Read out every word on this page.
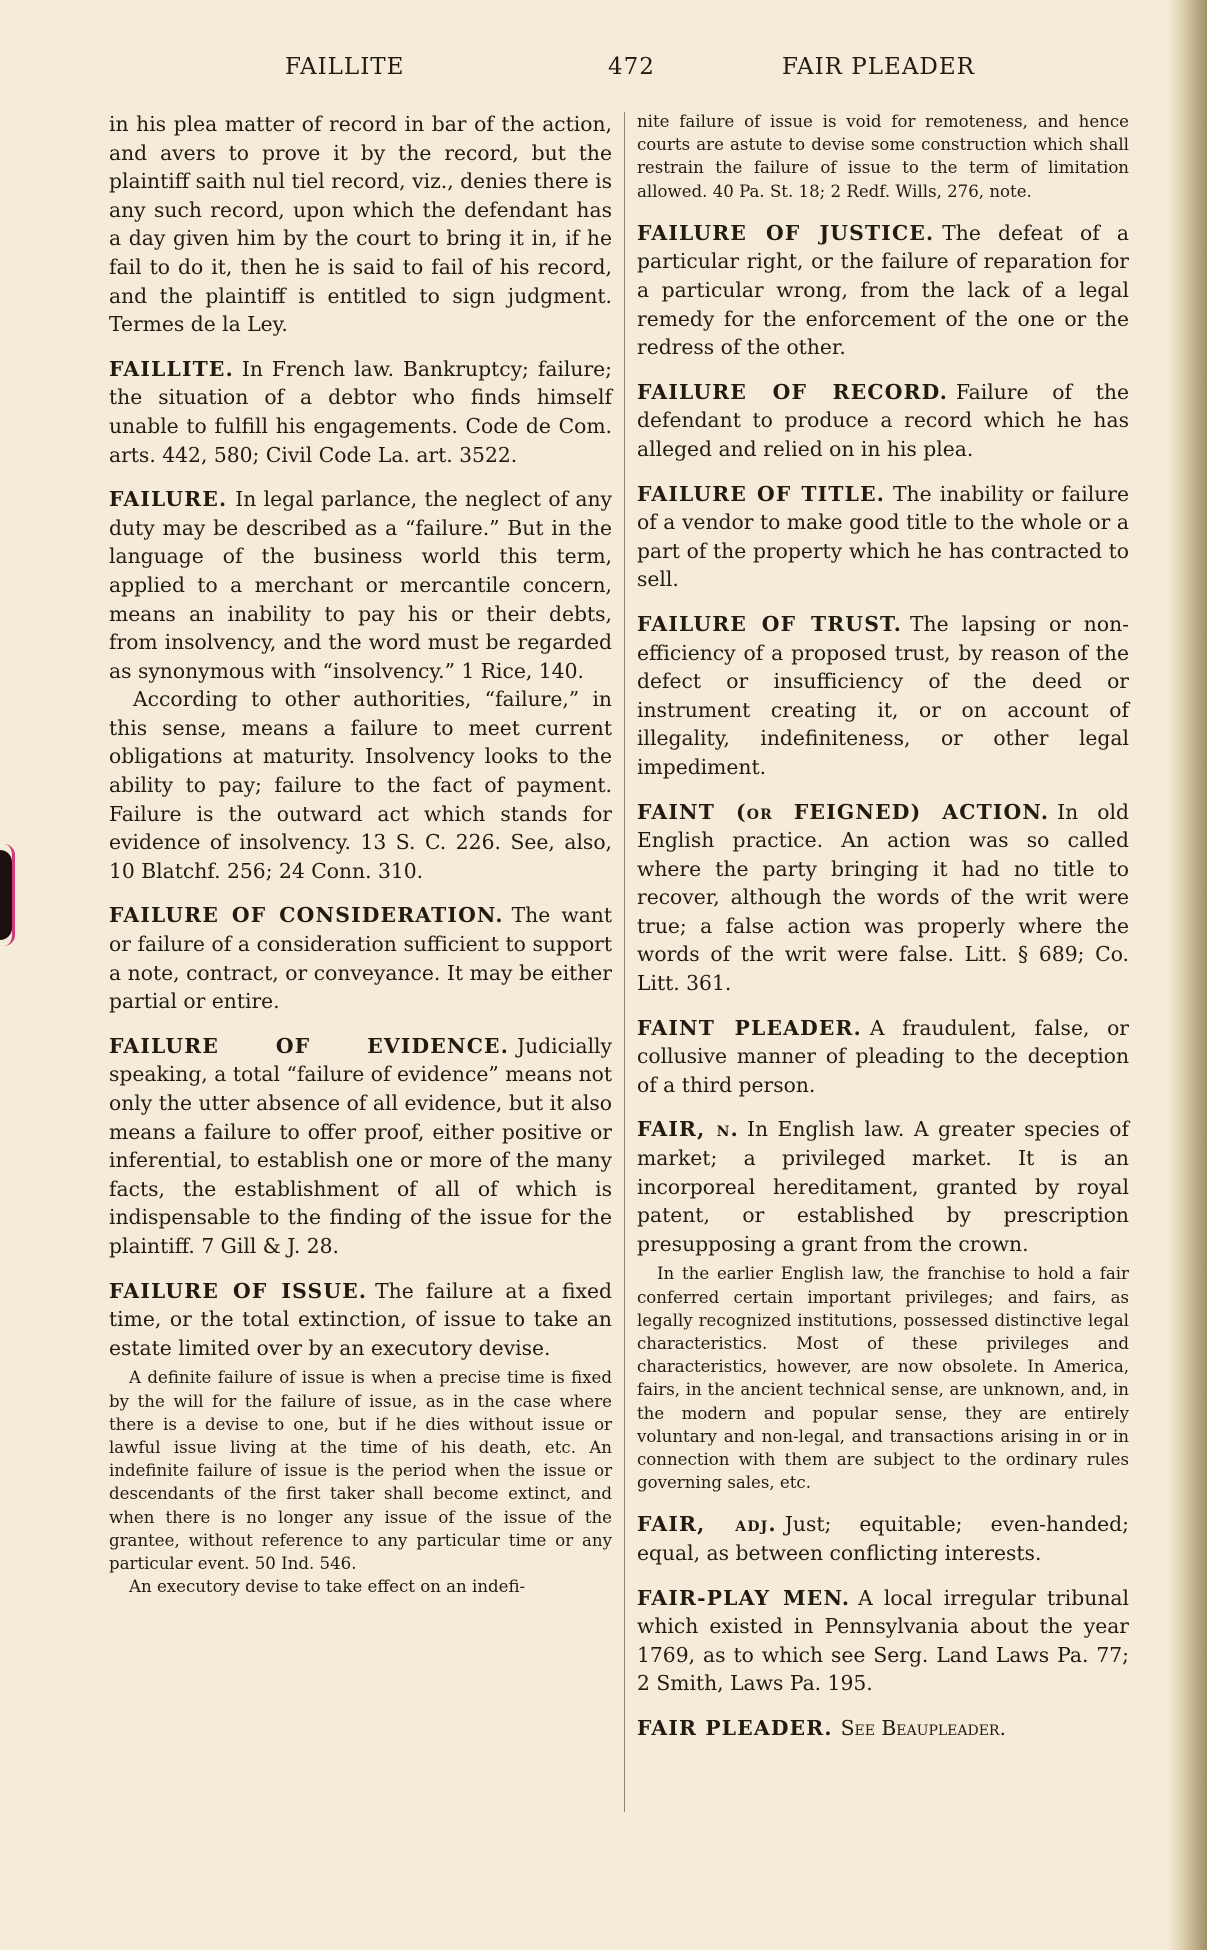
FAILLITE	472	FAIR PLEADER

in his plea matter of record in bar of the action, and avers to prove it by the record, but the plaintiff saith nul tiel record, viz., denies there is any such record, upon which the defendant has a day given him by the court to bring it in, if he fail to do it, then he is said to fail of his record, and the plaintiff is entitled to sign judgment. Termes de la Ley.

FAILLITE. In French law. Bankruptcy; failure; the situation of a debtor who finds himself unable to fulfill his engagements. Code de Com. arts. 442, 580; Civil Code La. art. 3522.

FAILURE. In legal parlance, the neglect of any duty may be described as a “failure.” But in the language of the business world this term, applied to a merchant or mercantile concern, means an inability to pay his or their debts, from insolvency, and the word must be regarded as synonymous with “insolvency.” 1 Rice, 140.

According to other authorities, “failure,” in this sense, means a failure to meet current obligations at maturity. Insolvency looks to the ability to pay; failure to the fact of payment. Failure is the outward act which stands for evidence of insolvency. 13 S. C. 226. See, also, 10 Blatchf. 256; 24 Conn. 310.

FAILURE OF CONSIDERATION. The want or failure of a consideration sufficient to support a note, contract, or conveyance. It may be either partial or entire.

FAILURE OF EVIDENCE. Judicially speaking, a total “failure of evidence” means not only the utter absence of all evidence, but it also means a failure to offer proof, either positive or inferential, to establish one or more of the many facts, the establishment of all of which is indispensable to the finding of the issue for the plaintiff. 7 Gill & J. 28.

FAILURE OF ISSUE. The failure at a fixed time, or the total extinction, of issue to take an estate limited over by an executory devise.

A definite failure of issue is when a precise time is fixed by the will for the failure of issue, as in the case where there is a devise to one, but if he dies without issue or lawful issue living at the time of his death, etc. An indefinite failure of issue is the period when the issue or descendants of the first taker shall become extinct, and when there is no longer any issue of the issue of the grantee, without reference to any particular time or any particular event. 50 Ind. 546.

An executory devise to take effect on an indefi-

nite failure of issue is void for remoteness, and hence courts are astute to devise some construction which shall restrain the failure of issue to the term of limitation allowed. 40 Pa. St. 18; 2 Redf. Wills, 276, note.

FAILURE OF JUSTICE. The defeat of a particular right, or the failure of reparation for a particular wrong, from the lack of a legal remedy for the enforcement of the one or the redress of the other.

FAILURE OF RECORD. Failure of the defendant to produce a record which he has alleged and relied on in his plea.

FAILURE OF TITLE. The inability or failure of a vendor to make good title to the whole or a part of the property which he has contracted to sell.

FAILURE OF TRUST. The lapsing or non-efficiency of a proposed trust, by reason of the defect or insufficiency of the deed or instrument creating it, or on account of illegality, indefiniteness, or other legal impediment.

FAINT (or FEIGNED) ACTION. In old English practice. An action was so called where the party bringing it had no title to recover, although the words of the writ were true; a false action was properly where the words of the writ were false. Litt. § 689; Co. Litt. 361.

FAINT PLEADER. A fraudulent, false, or collusive manner of pleading to the deception of a third person.

FAIR, n. In English law. A greater species of market; a privileged market. It is an incorporeal hereditament, granted by royal patent, or established by prescription presupposing a grant from the crown.

In the earlier English law, the franchise to hold a fair conferred certain important privileges; and fairs, as legally recognized institutions, possessed distinctive legal characteristics. Most of these privileges and characteristics, however, are now obsolete. In America, fairs, in the ancient technical sense, are unknown, and, in the modern and popular sense, they are entirely voluntary and non-legal, and transactions arising in or in connection with them are subject to the ordinary rules governing sales, etc.

FAIR, adj. Just; equitable; even-handed; equal, as between conflicting interests.

FAIR-PLAY MEN. A local irregular tribunal which existed in Pennsylvania about the year 1769, as to which see Serg. Land Laws Pa. 77; 2 Smith, Laws Pa. 195.

FAIR PLEADER. See Beaupleader.
